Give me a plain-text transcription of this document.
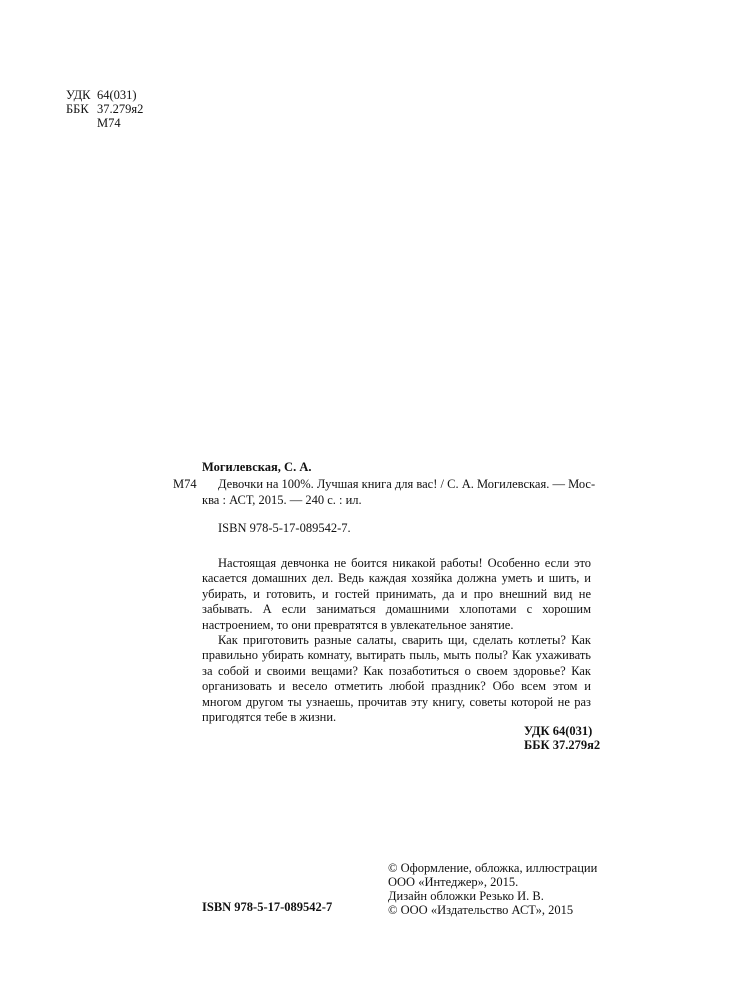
УДК 64(031)
ББК 37.279я2
М74
Могилевская, С. А.
М74 Девочки на 100%. Лучшая книга для вас! / С. А. Могилевская. — Мос-
ква : АСТ, 2015. — 240 с. : ил.
ISBN 978-5-17-089542-7.

Настоящая девчонка не боится никакой работы! Особенно если это касается домашних дел. Ведь каждая хозяйка должна уметь и шить, и убирать, и готовить, и гостей принимать, да и про внешний вид не забывать. А если заниматься домашними хлопотами с хорошим настроением, то они превратятся в увлекательное занятие.

Как приготовить разные салаты, сварить щи, сделать котлеты? Как правильно убирать комнату, вытирать пыль, мыть полы? Как ухаживать за собой и своими вещами? Как позаботиться о своем здоровье? Как организовать и весело отметить любой праздник? Обо всем этом и многом другом ты узнаешь, прочитав эту книгу, советы которой не раз пригодятся тебе в жизни.

УДК 64(031)
ББК 37.279я2
ISBN 978-5-17-089542-7
© Оформление, обложка, иллюстрации
ООО «Интеджер», 2015.
Дизайн обложки Резько И. В.
© ООО «Издательство АСТ», 2015
